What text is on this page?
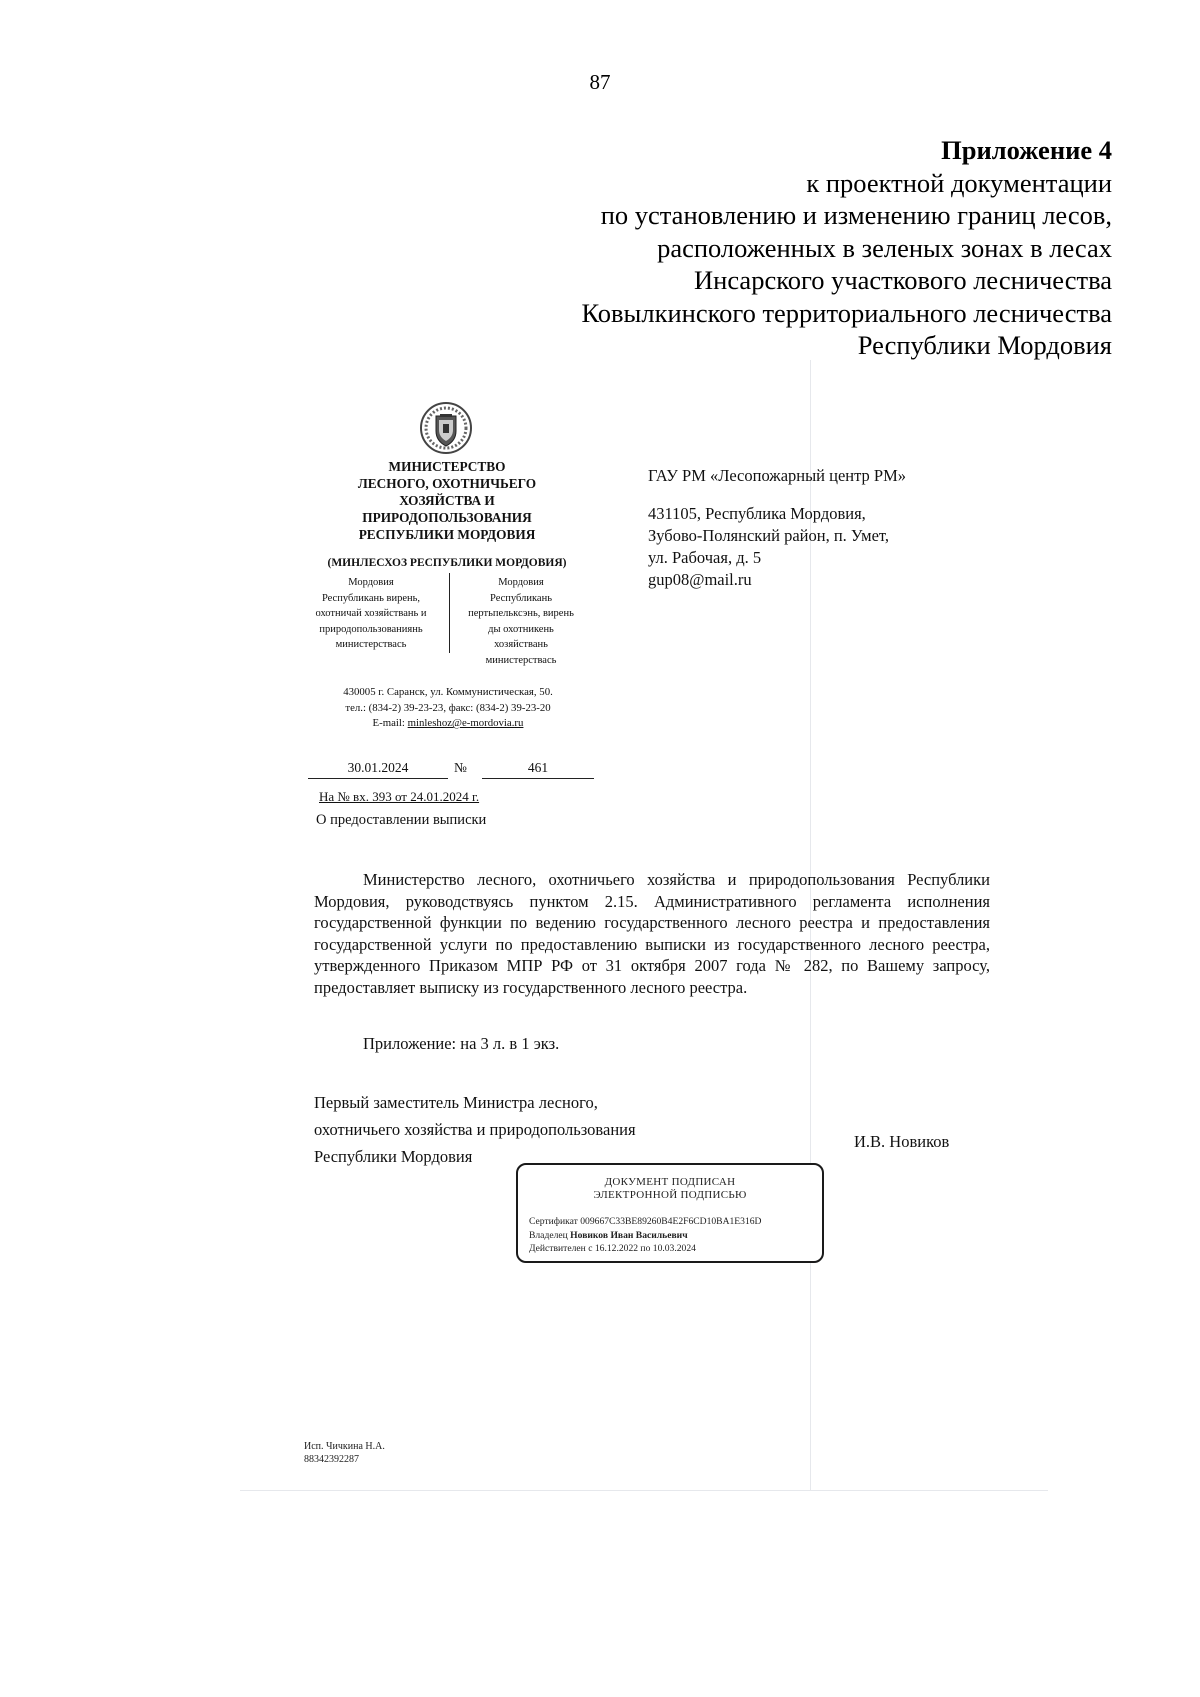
87
Приложение 4
к проектной документации
по установлению и изменению границ лесов,
расположенных в зеленых зонах в лесах
Инсарского участкового лесничества
Ковылкинского территориального лесничества
Республики Мордовия
МИНИСТЕРСТВО
ЛЕСНОГО, ОХОТНИЧЬЕГО
ХОЗЯЙСТВА И
ПРИРОДОПОЛЬЗОВАНИЯ
РЕСПУБЛИКИ МОРДОВИЯ
(МИНЛЕСХОЗ РЕСПУБЛИКИ МОРДОВИЯ)
Мордовия
Республикань вирень,
охотничай хозяйствань и
природопользованиянь
министерствась
Мордовия
Республикань
пертьпельксэнь, вирень
ды охотникень
хозяйствань
министерствась
430005 г. Саранск, ул. Коммунистическая, 50.
тел.: (834-2) 39-23-23, факс: (834-2) 39-23-20
E-mail: minleshoz@e-mordovia.ru
30.01.2024	№	461
На № вх. 393 от 24.01.2024 г.
О предоставлении выписки
ГАУ РМ «Лесопожарный центр РМ»
431105, Республика Мордовия,
Зубово-Полянский район, п. Умет,
ул. Рабочая, д. 5
gup08@mail.ru

Министерство лесного, охотничьего хозяйства и природопользования Республики Мордовия, руководствуясь пунктом 2.15. Административного регламента исполнения государственной функции по ведению государственного лесного реестра и предоставления государственной услуги по предоставлению выписки из государственного лесного реестра, утвержденного Приказом МПР РФ от 31 октября 2007 года № 282, по Вашему запросу, предоставляет выписку из государственного лесного реестра.

Приложение: на 3 л. в 1 экз.
Первый заместитель Министра лесного,
охотничьего хозяйства и природопользования
Республики Мордовия
И.В. Новиков
ДОКУМЕНТ ПОДПИСАН
ЭЛЕКТРОННОЙ ПОДПИСЬЮ
Сертификат 009667C33BE89260B4E2F6CD10BA1E316D
Владелец Новиков Иван Васильевич
Действителен с 16.12.2022 по 10.03.2024
Исп. Чичкина Н.А.
88342392287
